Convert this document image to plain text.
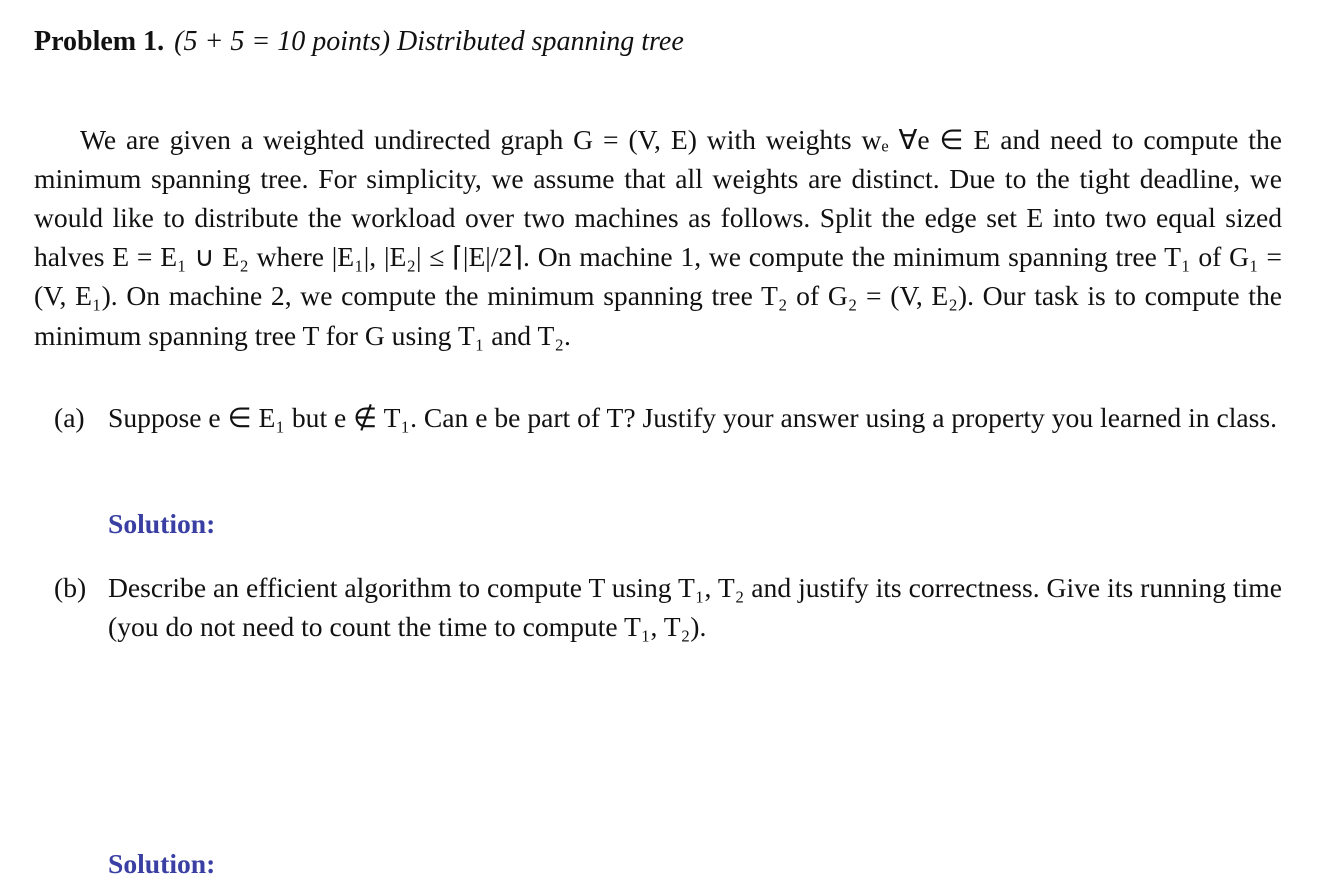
Problem 1. (5 + 5 = 10 points) Distributed spanning tree

We are given a weighted undirected graph G = (V, E) with weights wₑ ∀e ∈ E and need to compute the minimum spanning tree. For simplicity, we assume that all weights are distinct. Due to the tight deadline, we would like to distribute the workload over two machines as follows. Split the edge set E into two equal sized halves E = E₁ ∪ E₂ where |E₁|, |E₂| ≤ ⌈|E|/2⌉. On machine 1, we compute the minimum spanning tree T₁ of G₁ = (V, E₁). On machine 2, we compute the minimum spanning tree T₂ of G₂ = (V, E₂). Our task is to compute the minimum spanning tree T for G using T₁ and T₂.

(a) Suppose e ∈ E₁ but e ∉ T₁. Can e be part of T? Justify your answer using a property you learned in class.
Solution:
(b) Describe an efficient algorithm to compute T using T₁, T₂ and justify its correctness. Give its running time (you do not need to count the time to compute T₁, T₂).
Solution:
